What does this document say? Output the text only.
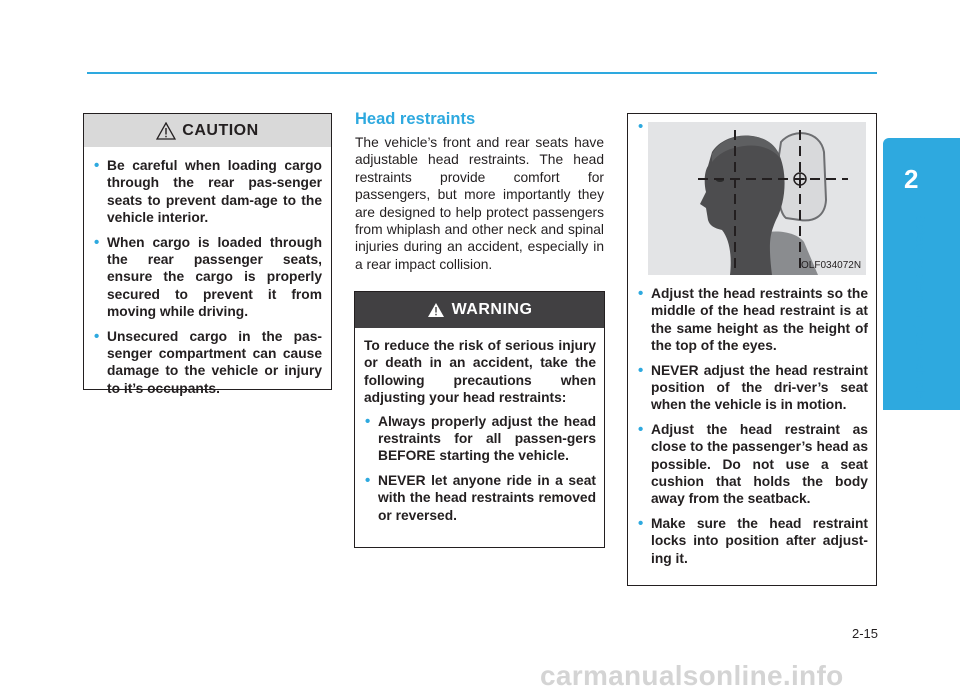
2
Safety system of your vehicle
CAUTION
• Be careful when loading cargo through the rear pas-senger seats to prevent dam-age to the vehicle interior.
• When cargo is loaded through the rear passenger seats, ensure the cargo is properly secured to prevent it from moving while driving.
• Unsecured cargo in the pas-senger compartment can cause damage to the vehicle or injury to it’s occupants.
Head restraints
The vehicle’s front and rear seats have adjustable head restraints. The head restraints provide comfort for passengers, but more importantly they are designed to help protect passengers from whiplash and other neck and spinal injuries during an accident, especially in a rear impact collision.
WARNING
To reduce the risk of serious injury or death in an accident, take the following precautions when adjusting your head restraints:
• Always properly adjust the head restraints for all passen-gers BEFORE starting the vehicle.
• NEVER let anyone ride in a seat with the head restraints removed or reversed.
•
• Adjust the head restraints so the middle of the head restraint is at the same height as the height of the top of the eyes.
• NEVER adjust the head restraint position of the dri-ver’s seat when the vehicle is in motion.
• Adjust the head restraint as close to the passenger’s head as possible. Do not use a seat cushion that holds the body away from the seatback.
• Make sure the head restraint locks into position after adjust-ing it.
OLF034072N
2-15
carmanualsonline.info
